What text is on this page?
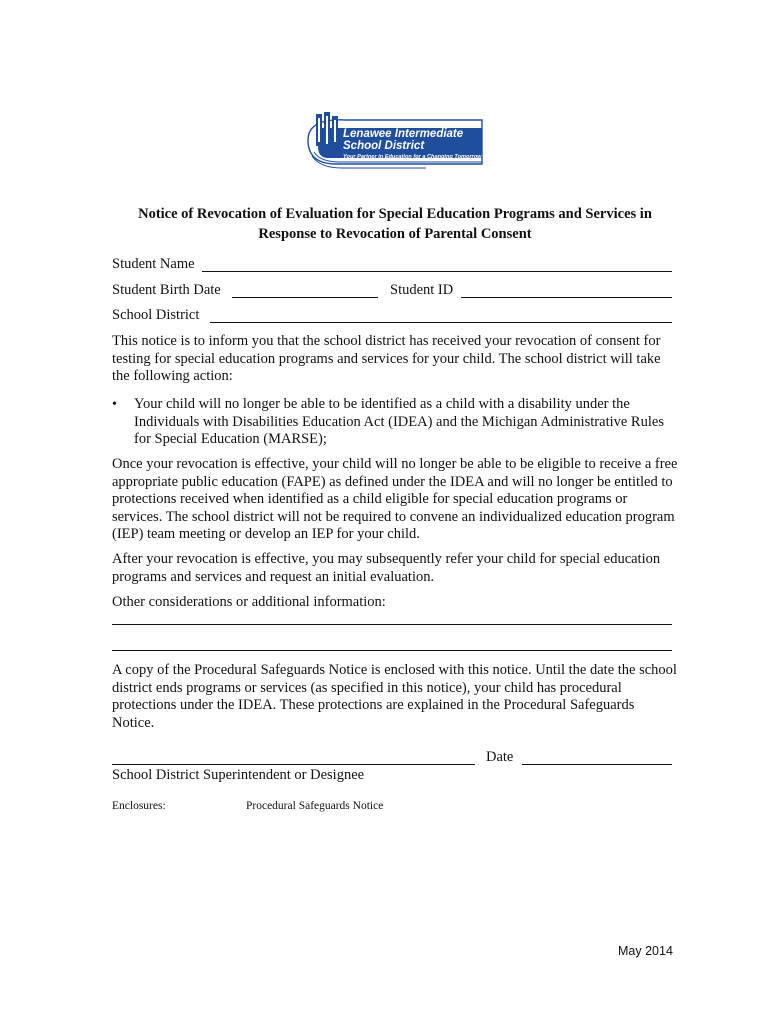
Lenawee Intermediate
School District
Your Partner in Education for a Changing Tomorrow
Notice of Revocation of Evaluation for Special Education Programs and Services in Response to Revocation of Parental Consent
Student Name
Student Birth Date	Student ID
School District
This notice is to inform you that the school district has received your revocation of consent for testing for special education programs and services for your child. The school district will take the following action:
• Your child will no longer be able to be identified as a child with a disability under the Individuals with Disabilities Education Act (IDEA) and the Michigan Administrative Rules for Special Education (MARSE);
Once your revocation is effective, your child will no longer be able to be eligible to receive a free appropriate public education (FAPE) as defined under the IDEA and will no longer be entitled to protections received when identified as a child eligible for special education programs or services. The school district will not be required to convene an individualized education program (IEP) team meeting or develop an IEP for your child.
After your revocation is effective, you may subsequently refer your child for special education programs and services and request an initial evaluation.
Other considerations or additional information:
A copy of the Procedural Safeguards Notice is enclosed with this notice. Until the date the school district ends programs or services (as specified in this notice), your child has procedural protections under the IDEA. These protections are explained in the Procedural Safeguards Notice.
Date
School District Superintendent or Designee
Enclosures:	Procedural Safeguards Notice
May 2014
